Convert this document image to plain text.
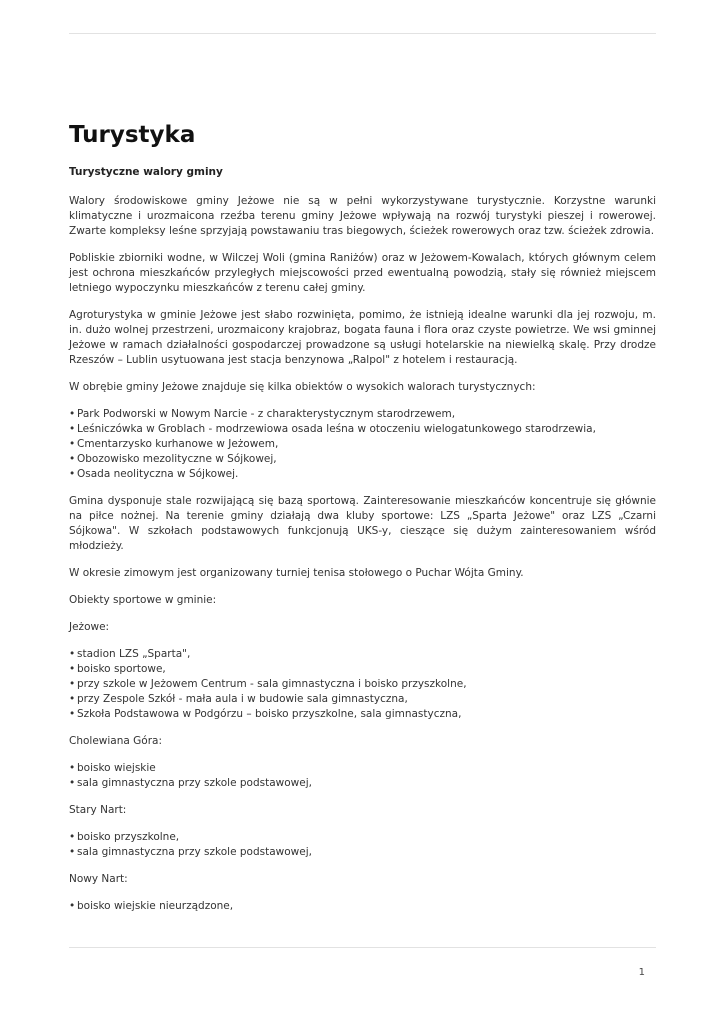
Turystyka
Turystyczne walory gminy

Walory środowiskowe gminy Jeżowe nie są w pełni wykorzystywane turystycznie. Korzystne warunki klimatyczne i urozmaicona rzeźba terenu gminy Jeżowe wpływają na rozwój turystyki pieszej i rowerowej. Zwarte kompleksy leśne sprzyjają powstawaniu tras biegowych, ścieżek rowerowych oraz tzw. ścieżek zdrowia.

Pobliskie zbiorniki wodne, w Wilczej Woli (gmina Raniżów) oraz w Jeżowem-Kowalach, których głównym celem jest ochrona mieszkańców przyległych miejscowości przed ewentualną powodzią, stały się również miejscem letniego wypoczynku mieszkańców z terenu całej gminy.

Agroturystyka w gminie Jeżowe jest słabo rozwinięta, pomimo, że istnieją idealne warunki dla jej rozwoju, m. in. dużo wolnej przestrzeni, urozmaicony krajobraz, bogata fauna i flora oraz czyste powietrze. We wsi gminnej Jeżowe w ramach działalności gospodarczej prowadzone są usługi hotelarskie na niewielką skalę. Przy drodze Rzeszów – Lublin usytuowana jest stacja benzynowa „Ralpol" z hotelem i restauracją.

W obrębie gminy Jeżowe znajduje się kilka obiektów o wysokich walorach turystycznych:

• Park Podworski w Nowym Narcie - z charakterystycznym starodrzewem,
• Leśniczówka w Groblach - modrzewiowa osada leśna w otoczeniu wielogatunkowego starodrzewia,
• Cmentarzysko kurhanowe w Jeżowem,
• Obozowisko mezolityczne w Sójkowej,
• Osada neolityczna w Sójkowej.

Gmina dysponuje stale rozwijającą się bazą sportową. Zainteresowanie mieszkańców koncentruje się głównie na piłce nożnej. Na terenie gminy działają dwa kluby sportowe: LZS „Sparta Jeżowe" oraz LZS „Czarni Sójkowa". W szkołach podstawowych funkcjonują UKS-y, cieszące się dużym zainteresowaniem wśród młodzieży.

W okresie zimowym jest organizowany turniej tenisa stołowego o Puchar Wójta Gminy.

Obiekty sportowe w gminie:

Jeżowe:

• stadion LZS „Sparta",
• boisko sportowe,
• przy szkole w Jeżowem Centrum - sala gimnastyczna i boisko przyszkolne,
• przy Zespole Szkół - mała aula i w budowie sala gimnastyczna,
• Szkoła Podstawowa w Podgórzu – boisko przyszkolne, sala gimnastyczna,

Cholewiana Góra:

• boisko wiejskie
• sala gimnastyczna przy szkole podstawowej,

Stary Nart:

• boisko przyszkolne,
• sala gimnastyczna przy szkole podstawowej,

Nowy Nart:

• boisko wiejskie nieurządzone,
1
